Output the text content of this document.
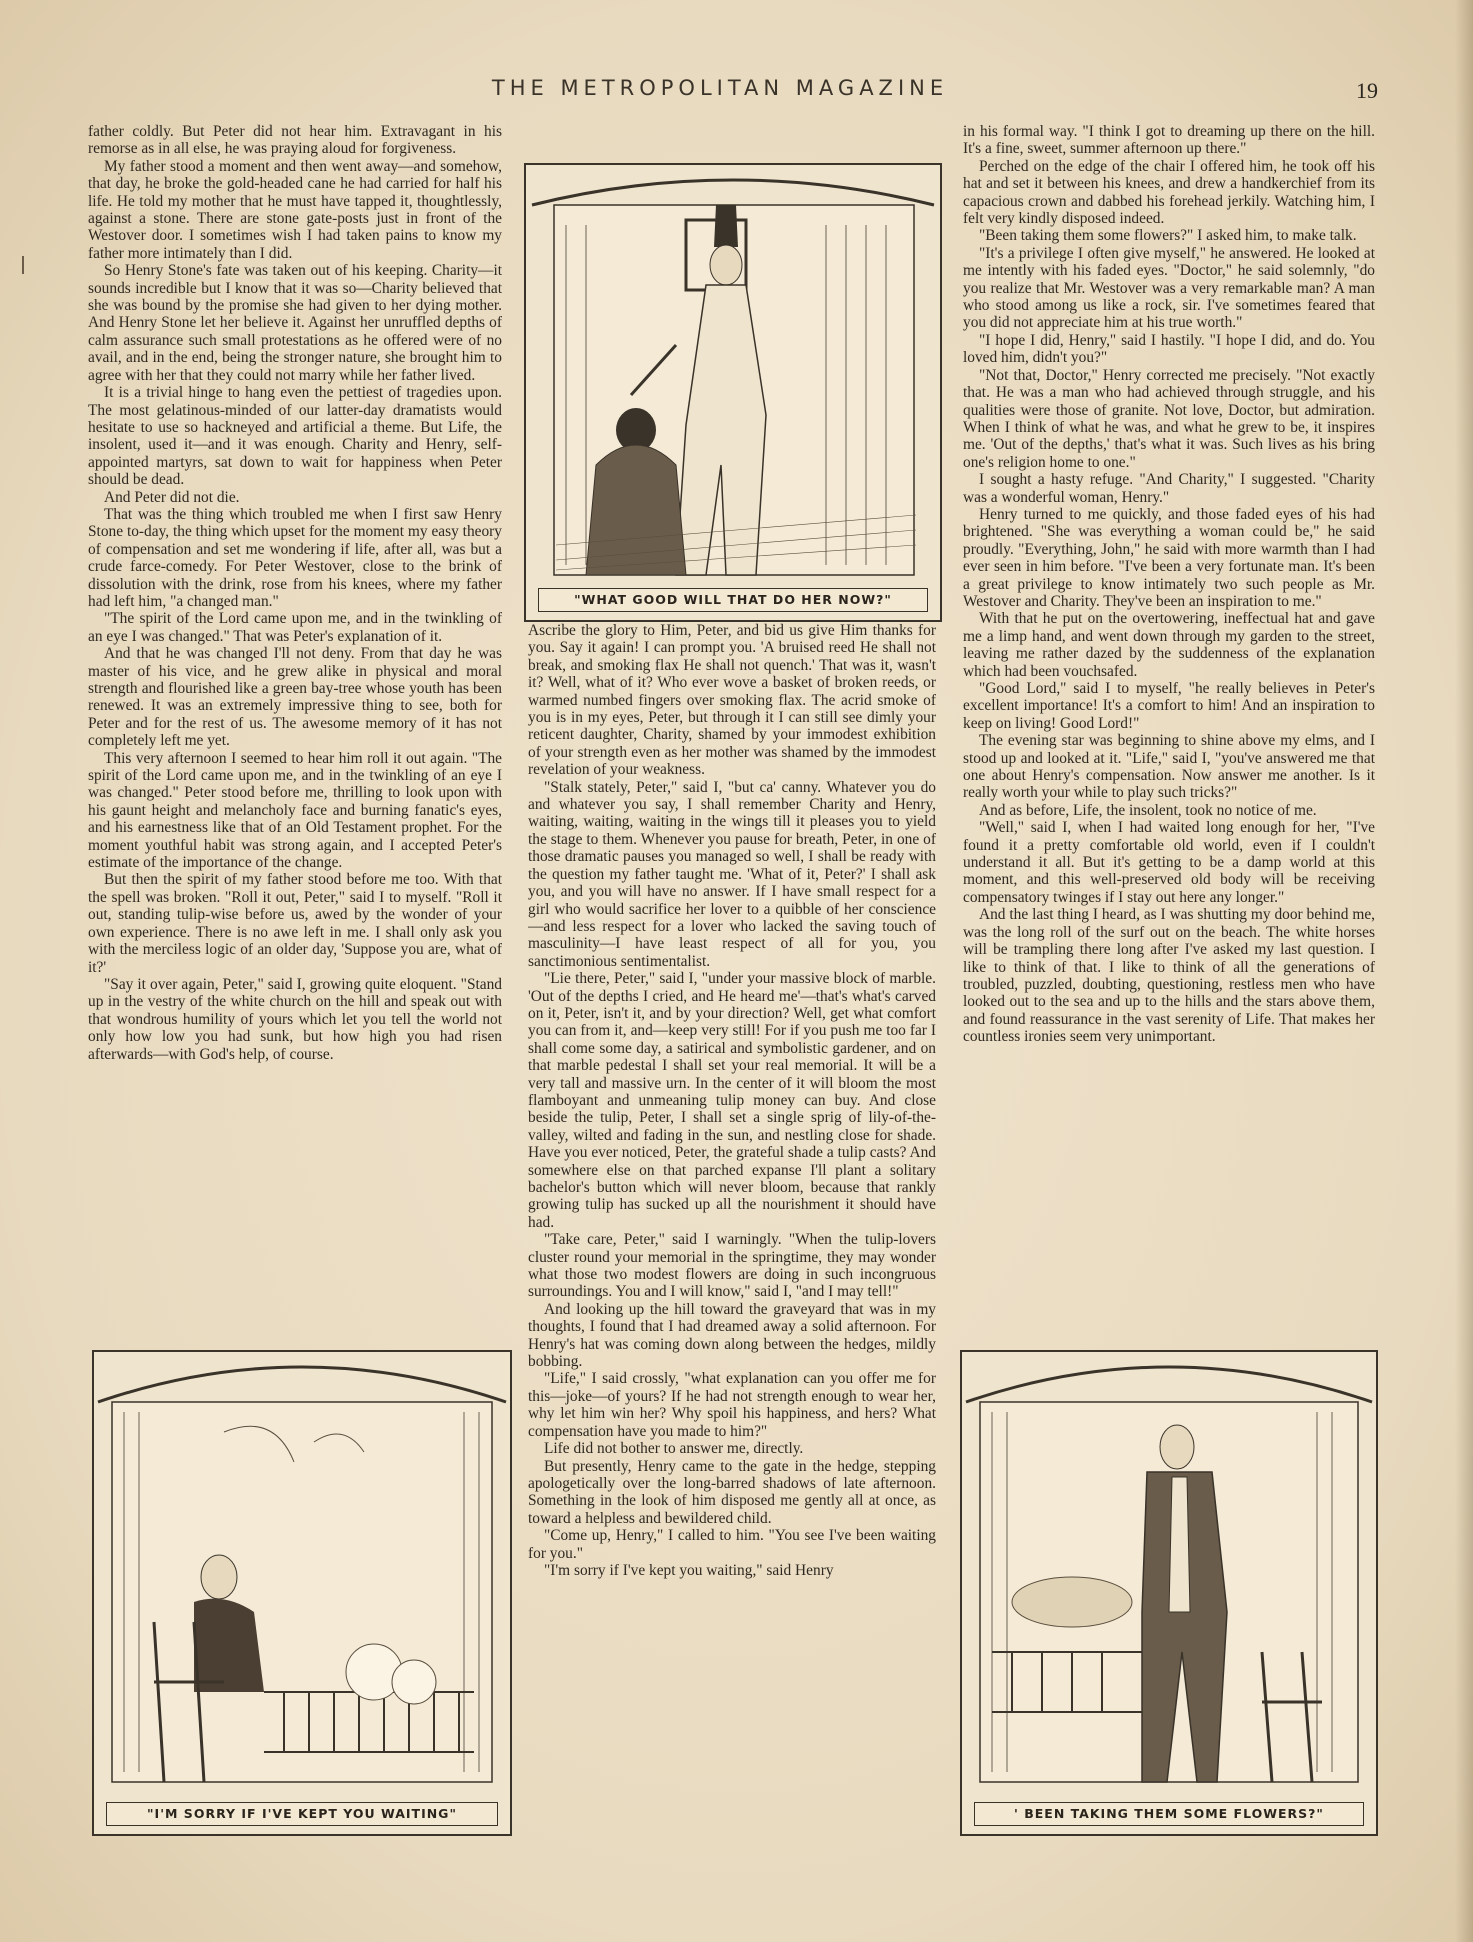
THE METROPOLITAN MAGAZINE	19

father coldly. But Peter did not hear him. Extravagant in his remorse as in all else, he was praying aloud for forgiveness.

My father stood a moment and then went away—and somehow, that day, he broke the gold-headed cane he had carried for half his life. He told my mother that he must have tapped it, thoughtlessly, against a stone. There are stone gate-posts just in front of the Westover door. I sometimes wish I had taken pains to know my father more intimately than I did.

So Henry Stone's fate was taken out of his keeping. Charity—it sounds incredible but I know that it was so—Charity believed that she was bound by the promise she had given to her dying mother. And Henry Stone let her believe it. Against her unruffled depths of calm assurance such small protestations as he offered were of no avail, and in the end, being the stronger nature, she brought him to agree with her that they could not marry while her father lived.

It is a trivial hinge to hang even the pettiest of tragedies upon. The most gelatinous-minded of our latter-day dramatists would hesitate to use so hackneyed and artificial a theme. But Life, the insolent, used it—and it was enough. Charity and Henry, self-appointed martyrs, sat down to wait for happiness when Peter should be dead.

And Peter did not die.

That was the thing which troubled me when I first saw Henry Stone to-day, the thing which upset for the moment my easy theory of compensation and set me wondering if life, after all, was but a crude farce-comedy. For Peter Westover, close to the brink of dissolution with the drink, rose from his knees, where my father had left him, "a changed man."

"The spirit of the Lord came upon me, and in the twinkling of an eye I was changed." That was Peter's explanation of it.

And that he was changed I'll not deny. From that day he was master of his vice, and he grew alike in physical and moral strength and flourished like a green bay-tree whose youth has been renewed. It was an extremely impressive thing to see, both for Peter and for the rest of us. The awesome memory of it has not completely left me yet.

This very afternoon I seemed to hear him roll it out again. "The spirit of the Lord came upon me, and in the twinkling of an eye I was changed." Peter stood before me, thrilling to look upon with his gaunt height and melancholy face and burning fanatic's eyes, and his earnestness like that of an Old Testament prophet. For the moment youthful habit was strong again, and I accepted Peter's estimate of the importance of the change.

But then the spirit of my father stood before me too. With that the spell was broken. "Roll it out, Peter," said I to myself. "Roll it out, standing tulip-wise before us, awed by the wonder of your own experience. There is no awe left in me. I shall only ask you with the merciless logic of an older day, 'Suppose you are, what of it?'

"Say it over again, Peter," said I, growing quite eloquent. "Stand up in the vestry of the white church on the hill and speak out with that wondrous humility of yours which let you tell the world not only how low you had sunk, but how high you had risen afterwards—with God's help, of course.

Ascribe the glory to Him, Peter, and bid us give Him thanks for you. Say it again! I can prompt you. 'A bruised reed He shall not break, and smoking flax He shall not quench.' That was it, wasn't it? Well, what of it? Who ever wove a basket of broken reeds, or warmed numbed fingers over smoking flax. The acrid smoke of you is in my eyes, Peter, but through it I can still see dimly your reticent daughter, Charity, shamed by your immodest exhibition of your strength even as her mother was shamed by the immodest revelation of your weakness.

"Stalk stately, Peter," said I, "but ca' canny. Whatever you do and whatever you say, I shall remember Charity and Henry, waiting, waiting, waiting in the wings till it pleases you to yield the stage to them. Whenever you pause for breath, Peter, in one of those dramatic pauses you managed so well, I shall be ready with the question my father taught me. 'What of it, Peter?' I shall ask you, and you will have no answer. If I have small respect for a girl who would sacrifice her lover to a quibble of her conscience—and less respect for a lover who lacked the saving touch of masculinity—I have least respect of all for you, you sanctimonious sentimentalist.

"Lie there, Peter," said I, "under your massive block of marble. 'Out of the depths I cried, and He heard me'—that's what's carved on it, Peter, isn't it, and by your direction? Well, get what comfort you can from it, and—keep very still! For if you push me too far I shall come some day, a satirical and symbolistic gardener, and on that marble pedestal I shall set your real memorial. It will be a very tall and massive urn. In the center of it will bloom the most flamboyant and unmeaning tulip money can buy. And close beside the tulip, Peter, I shall set a single sprig of lily-of-the-valley, wilted and fading in the sun, and nestling close for shade. Have you ever noticed, Peter, the grateful shade a tulip casts? And somewhere else on that parched expanse I'll plant a solitary bachelor's button which will never bloom, because that rankly growing tulip has sucked up all the nourishment it should have had.

"Take care, Peter," said I warningly. "When the tulip-lovers cluster round your memorial in the springtime, they may wonder what those two modest flowers are doing in such incongruous surroundings. You and I will know," said I, "and I may tell!"

And looking up the hill toward the graveyard that was in my thoughts, I found that I had dreamed away a solid afternoon. For Henry's hat was coming down along between the hedges, mildly bobbing.

"Life," I said crossly, "what explanation can you offer me for this—joke—of yours? If he had not strength enough to wear her, why let him win her? Why spoil his happiness, and hers? What compensation have you made to him?"

Life did not bother to answer me, directly.

But presently, Henry came to the gate in the hedge, stepping apologetically over the long-barred shadows of late afternoon. Something in the look of him disposed me gently all at once, as toward a helpless and bewildered child.

"Come up, Henry," I called to him. "You see I've been waiting for you."

"I'm sorry if I've kept you waiting," said Henry

in his formal way. "I think I got to dreaming up there on the hill. It's a fine, sweet, summer afternoon up there."

Perched on the edge of the chair I offered him, he took off his hat and set it between his knees, and drew a handkerchief from its capacious crown and dabbed his forehead jerkily. Watching him, I felt very kindly disposed indeed.

"Been taking them some flowers?" I asked him, to make talk.

"It's a privilege I often give myself," he answered. He looked at me intently with his faded eyes. "Doctor," he said solemnly, "do you realize that Mr. Westover was a very remarkable man? A man who stood among us like a rock, sir. I've sometimes feared that you did not appreciate him at his true worth."

"I hope I did, Henry," said I hastily. "I hope I did, and do. You loved him, didn't you?"

"Not that, Doctor," Henry corrected me precisely. "Not exactly that. He was a man who had achieved through struggle, and his qualities were those of granite. Not love, Doctor, but admiration. When I think of what he was, and what he grew to be, it inspires me. 'Out of the depths,' that's what it was. Such lives as his bring one's religion home to one."

I sought a hasty refuge. "And Charity," I suggested. "Charity was a wonderful woman, Henry."

Henry turned to me quickly, and those faded eyes of his had brightened. "She was everything a woman could be," he said proudly. "Everything, John," he said with more warmth than I had ever seen in him before. "I've been a very fortunate man. It's been a great privilege to know intimately two such people as Mr. Westover and Charity. They've been an inspiration to me."

With that he put on the overtowering, ineffectual hat and gave me a limp hand, and went down through my garden to the street, leaving me rather dazed by the suddenness of the explanation which had been vouchsafed.

"Good Lord," said I to myself, "he really believes in Peter's excellent importance! It's a comfort to him! And an inspiration to keep on living! Good Lord!"

The evening star was beginning to shine above my elms, and I stood up and looked at it. "Life," said I, "you've answered me that one about Henry's compensation. Now answer me another. Is it really worth your while to play such tricks?"

And as before, Life, the insolent, took no notice of me.

"Well," said I, when I had waited long enough for her, "I've found it a pretty comfortable old world, even if I couldn't understand it all. But it's getting to be a damp world at this moment, and this well-preserved old body will be receiving compensatory twinges if I stay out here any longer."

And the last thing I heard, as I was shutting my door behind me, was the long roll of the surf out on the beach. The white horses will be trampling there long after I've asked my last question. I like to think of that. I like to think of all the generations of troubled, puzzled, doubting, questioning, restless men who have looked out to the sea and up to the hills and the stars above them, and found reassurance in the vast serenity of Life. That makes her countless ironies seem very unimportant.

"WHAT GOOD WILL THAT DO HER NOW?"
"I'M SORRY IF I'VE KEPT YOU WAITING"	' BEEN TAKING THEM SOME FLOWERS?"
